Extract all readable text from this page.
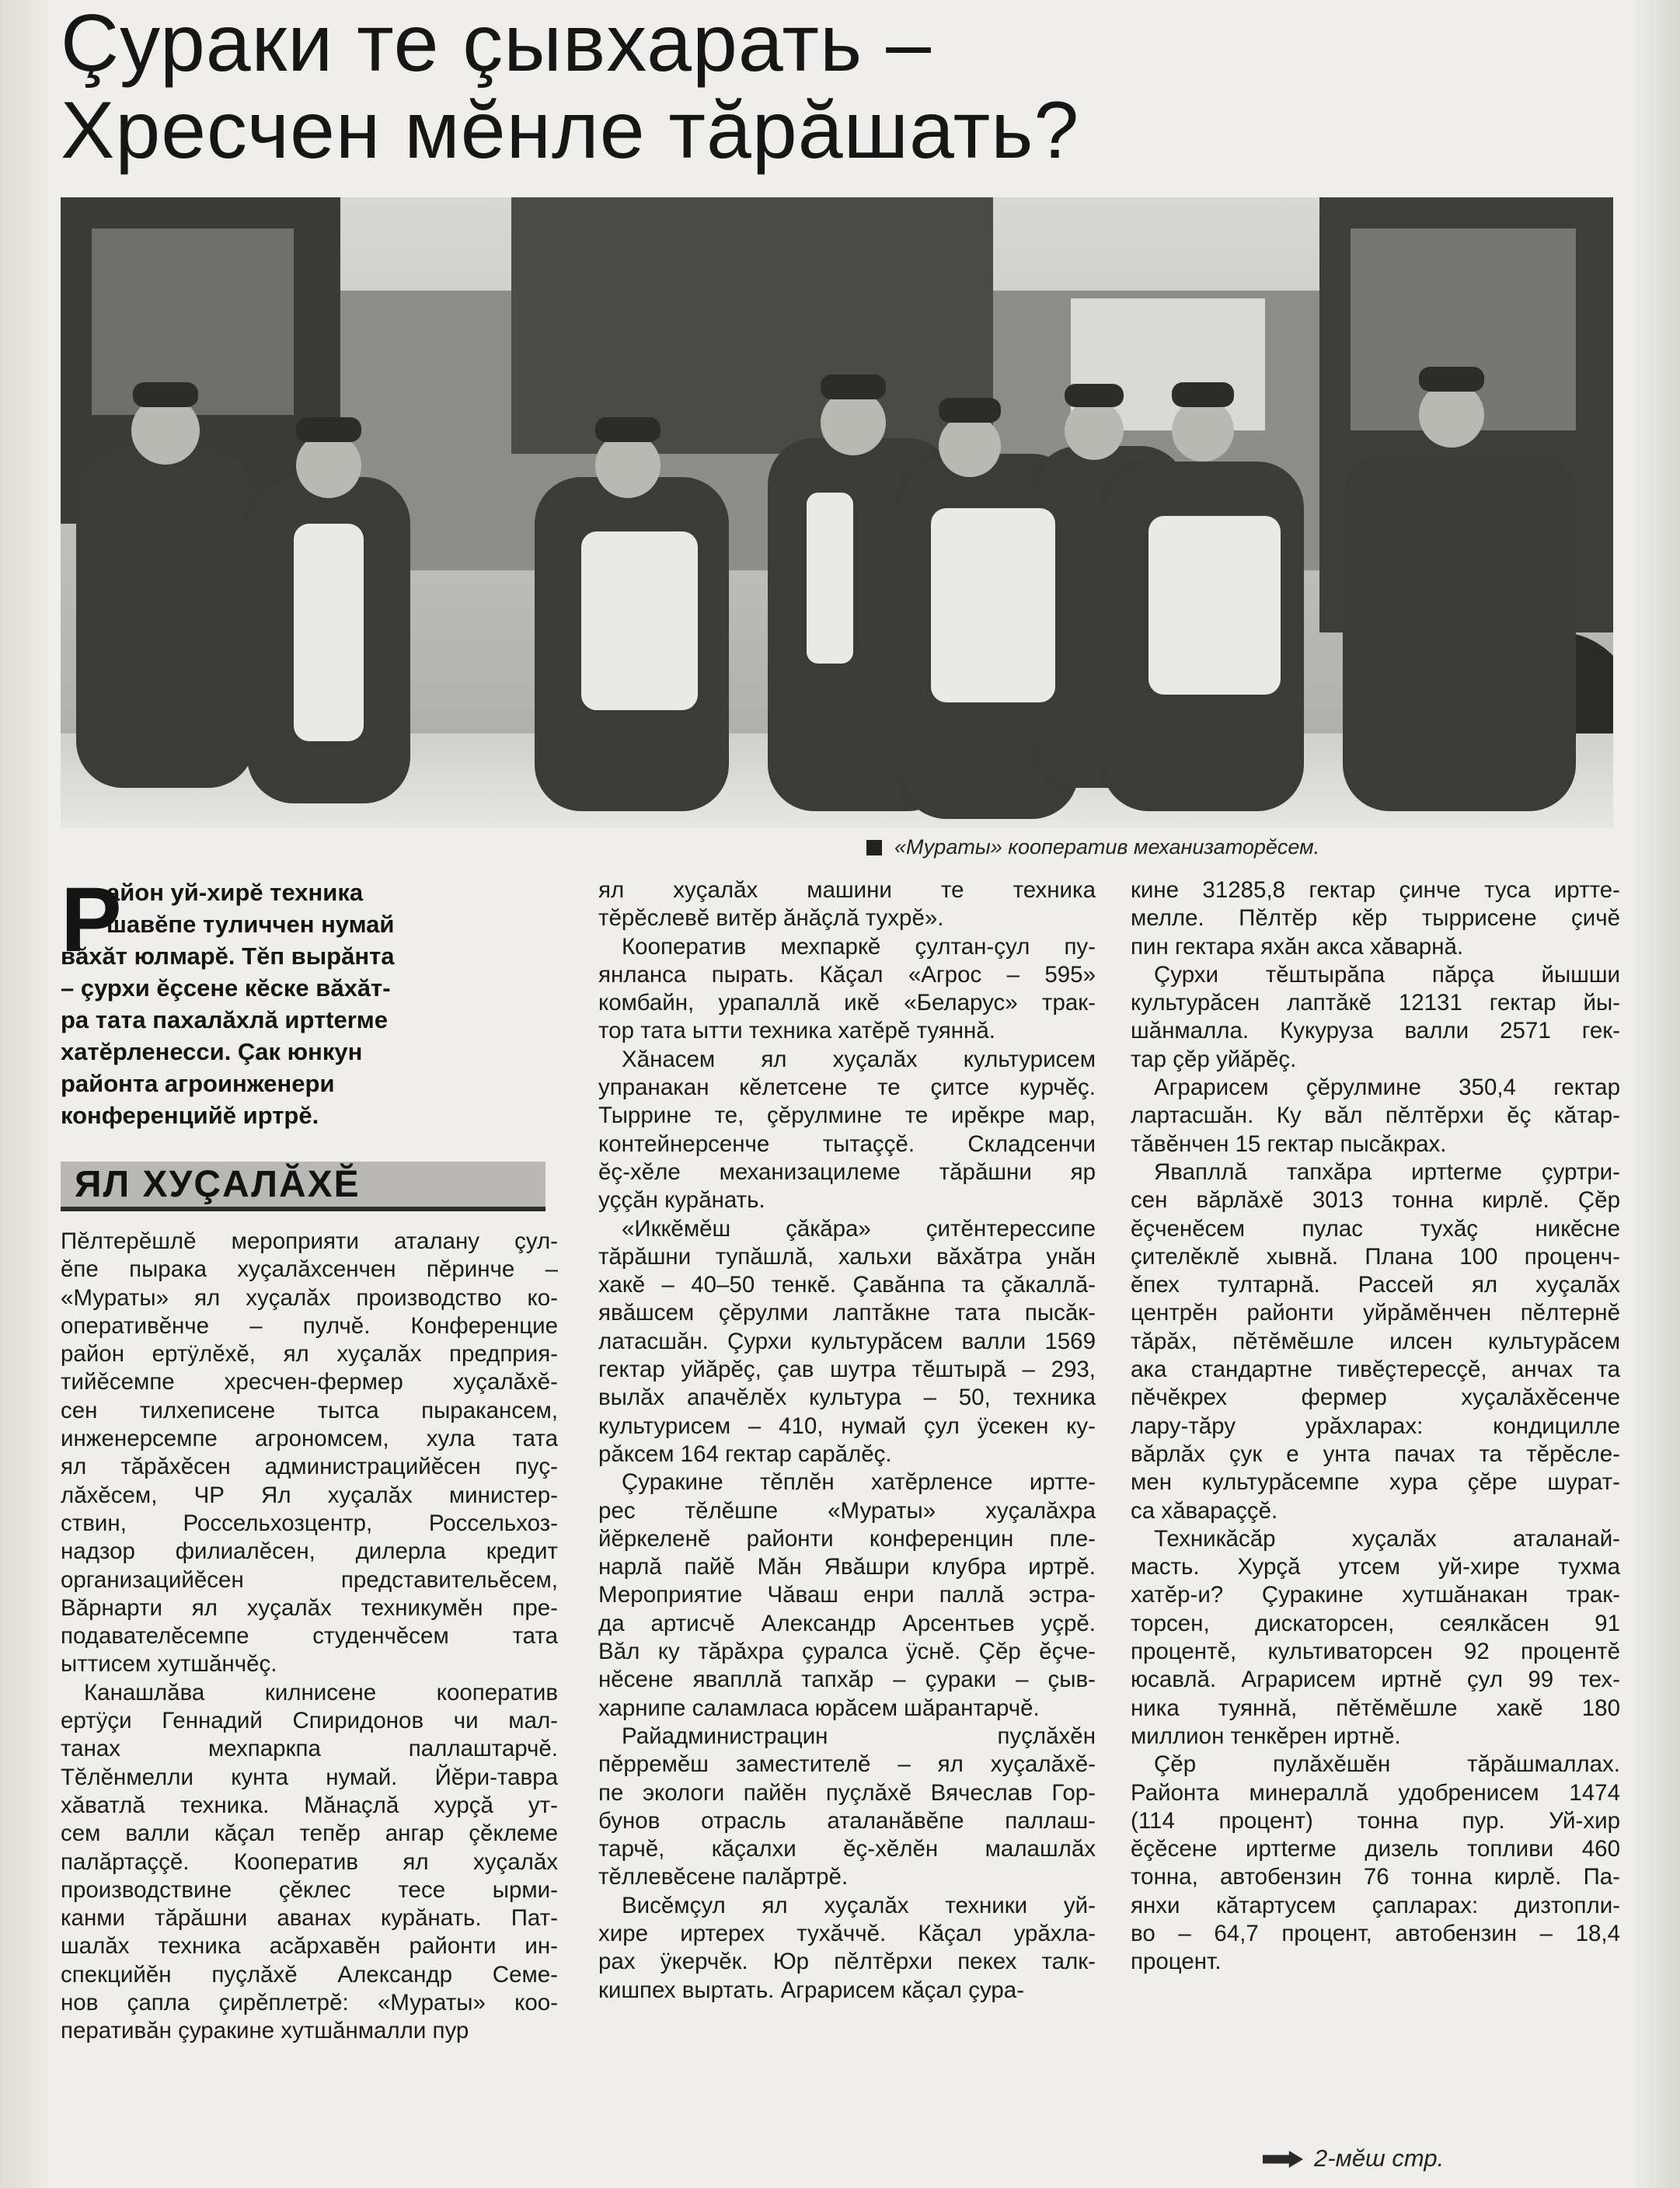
Çураки те çывхарать –
Хресчен мĕнле тăрăшать?
«Мураты» кооператив механизаторĕсем.
Р
айон уй-хирĕ техника
шавĕпе туличчен нумай
вăхăт юлмарĕ. Тĕп вырăнта
– çурхи ĕçсене кĕске вăхăт-
ра тата пахалăхлă иртterме
хатĕрленесси. Çак юнкун
районта агроинженери
конференцийĕ иртрĕ.
ЯЛ ХУÇАЛĂХĔ
Пĕлтерĕшлĕ мероприяти аталану çул-
ĕпе пырака хуçалăхсенчен пĕринче –
«Мураты» ял хуçалăх производство ко-
оперативĕнче – пулчĕ. Конференцие
район ертÿлĕхĕ, ял хуçалăх предприя-
тийĕсемпе хресчен-фермер хуçалăхĕ-
сен тилхеписене тытса пыракансем,
инженерсемпе агрономсем, хула тата
ял тăрăхĕсен администрацийĕсен пуç-
лăхĕсем, ЧР Ял хуçалăх министер-
ствин, Россельхозцентр, Россельхоз-
надзор филиалĕсен, дилерла кредит
организацийĕсен представительĕсем,
Вăрнарти ял хуçалăх техникумĕн пре-
подавателĕсемпе студенчĕсем тата
ыттисем хутшăнчĕç.
Канашлăва килнисене кооператив
ертÿçи Геннадий Спиридонов чи мал-
танах мехпаркпа паллаштарчĕ.
Тĕлĕнмелли кунта нумай. Йĕри-тавра
хăватлă техника. Мăнаçлă хурçă ут-
сем валли кăçал тепĕр ангар çĕклеме
палăртаççĕ. Кооператив ял хуçалăх
производствине çĕклес тесе ырми-
канми тăрăшни аванах курăнать. Пат-
шалăх техника асăрхавĕн районти ин-
спекцийĕн пуçлăхĕ Александр Семе-
нов çапла çирĕплетрĕ: «Мураты» коо-
перативăн çуракине хутшăнмалли пур
ял хуçалăх машини те техника
тĕрĕслевĕ витĕр ăнăçлă тухрĕ».
Кооператив мехпаркĕ çултан-çул пу-
янланса пырать. Кăçал «Агрос – 595»
комбайн, урапаллă икĕ «Беларус» трак-
тор тата ытти техника хатĕрĕ туяннă.
Хăнасем ял хуçалăх культурисем
упранакан кĕлетсене те çитсе курчĕç.
Тыррине те, çĕрулмине те ирĕкре мар,
контейнерсенче тытаççĕ. Складсенчи
ĕç-хĕле механизацилеме тăрăшни яр
уççăн курăнать.
«Иккĕмĕш çăкăра» çитĕнтерессипе
тăрăшни тупăшлă, хальхи вăхăтра унăн
хакĕ – 40–50 тенкĕ. Çавăнпа та çăкаллă-
явăшсем çĕрулми лаптăкне тата пысăк-
латасшăн. Çурхи культурăсем валли 1569
гектар уйăрĕç, çав шутра тĕштырă – 293,
вылăх апачĕлĕх культура – 50, техника
культурисем – 410, нумай çул ÿсекен ку-
рăксем 164 гектар сарăлĕç.
Çуракине тĕплĕн хатĕрленсе иртте-
рес тĕлĕшпе «Мураты» хуçалăхра
йĕркеленĕ районти конференцин пле-
нарлă пайĕ Мăн Явăшри клубра иртрĕ.
Мероприятие Чăваш енри паллă эстра-
да артисчĕ Александр Арсентьев уçрĕ.
Вăл ку тăрăхра çуралса ÿснĕ. Çĕр ĕçче-
нĕсене явапллă тапхăр – çураки – çыв-
харнипе саламласа юрăсем шăрантарчĕ.
Райадминистрацин пуçлăхĕн
пĕрремĕш заместителĕ – ял хуçалăхĕ-
пе экологи пайĕн пуçлăхĕ Вячеслав Гор-
бунов отрасль аталанăвĕпе паллаш-
тарчĕ, кăçалхи ĕç-хĕлĕн малашлăх
тĕллевĕсене палăртрĕ.
Висĕмçул ял хуçалăх техники уй-
хире иртерех тухăччĕ. Кăçал урăхла-
рах ÿкерчĕк. Юр пĕлтĕрхи пекех талк-
кишпех выртать. Аграрисем кăçал çура-
кине 31285,8 гектар çинче туса иртте-
мелле. Пĕлтĕр кĕр тыррисене çичĕ
пин гектара яхăн акса хăварнă.
Çурхи тĕштырăпа пăрça йышши
культурăсен лаптăкĕ 12131 гектар йы-
шăнмалла. Кукуруза валли 2571 гек-
тар çĕр уйăрĕç.
Аграрисем çĕрулмине 350,4 гектар
лартасшăн. Ку вăл пĕлтĕрхи ĕç кăтар-
тăвĕнчен 15 гектар пысăкрах.
Явапллă тапхăра иртterме çуртри-
сен вăрлăхĕ 3013 тонна кирлĕ. Çĕр
ĕçченĕсем пулас тухăç никĕсне
çителĕклĕ хывнă. Плана 100 проценч-
ĕпех тултарнă. Рассей ял хуçалăх
центрĕн районти уйрăмĕнчен пĕлтернĕ
тăрăх, пĕтĕмĕшле илсен культурăсем
ака стандартне тивĕçтересçĕ, анчах та
пĕчĕкрех фермер хуçалăхĕсенче
лару-тăру урăхларах: кондицилле
вăрлăх çук е унта пачах та тĕрĕсле-
мен культурăсемпе хура çĕре шурат-
са хăвараççĕ.
Техникăсăр хуçалăх аталанай-
масть. Хурçă утсем уй-хире тухма
хатĕр-и? Çуракине хутшăнакан трак-
торсен, дискаторсен, сеялкăсен 91
процентĕ, культиваторсен 92 процентĕ
юсавлă. Аграрисем иртнĕ çул 99 тех-
ника туяннă, пĕтĕмĕшле хакĕ 180
миллион тенкĕрен иртнĕ.
Çĕр пулăхĕшĕн тăрăшмаллах.
Районта минераллă удобренисем 1474
(114 процент) тонна пур. Уй-хир
ĕçĕсене иртterме дизель топливи 460
тонна, автобензин 76 тонна кирлĕ. Па-
янхи кăтартусем çапларах: дизтопли-
во – 64,7 процент, автобензин – 18,4
процент.
2-мĕш стр.
